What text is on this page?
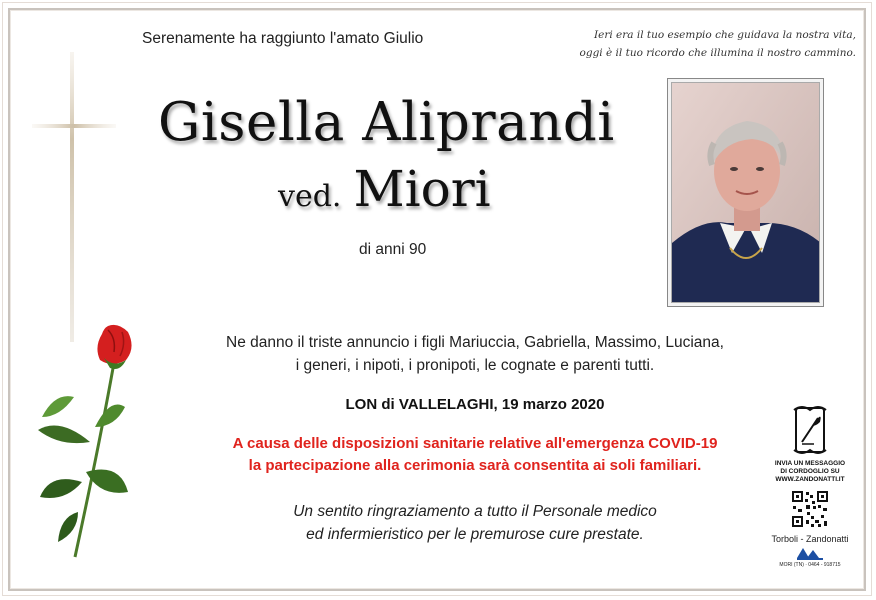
Serenamente ha raggiunto l'amato Giulio	Ieri era il tuo esempio che guidava la nostra vita,
oggi è il tuo ricordo che illumina il nostro cammino.
Gisella Aliprandi
ved. Miori
di anni 90
Ne danno il triste annuncio i figli Mariuccia, Gabriella, Massimo, Luciana,
i generi, i nipoti, i pronipoti, le cognate e parenti tutti.
LON di VALLELAGHI, 19 marzo 2020
A causa delle disposizioni sanitarie relative all'emergenza COVID-19
la partecipazione alla cerimonia sarà consentita ai soli familiari.
Un sentito ringraziamento a tutto il Personale medico
ed infermieristico per le premurose cure prestate.
INVIA UN MESSAGGIO
DI CORDOGLIO SU
WWW.ZANDONATTI.IT
Torboli - Zandonatti
MORI (TN) · 0464 - 918715
